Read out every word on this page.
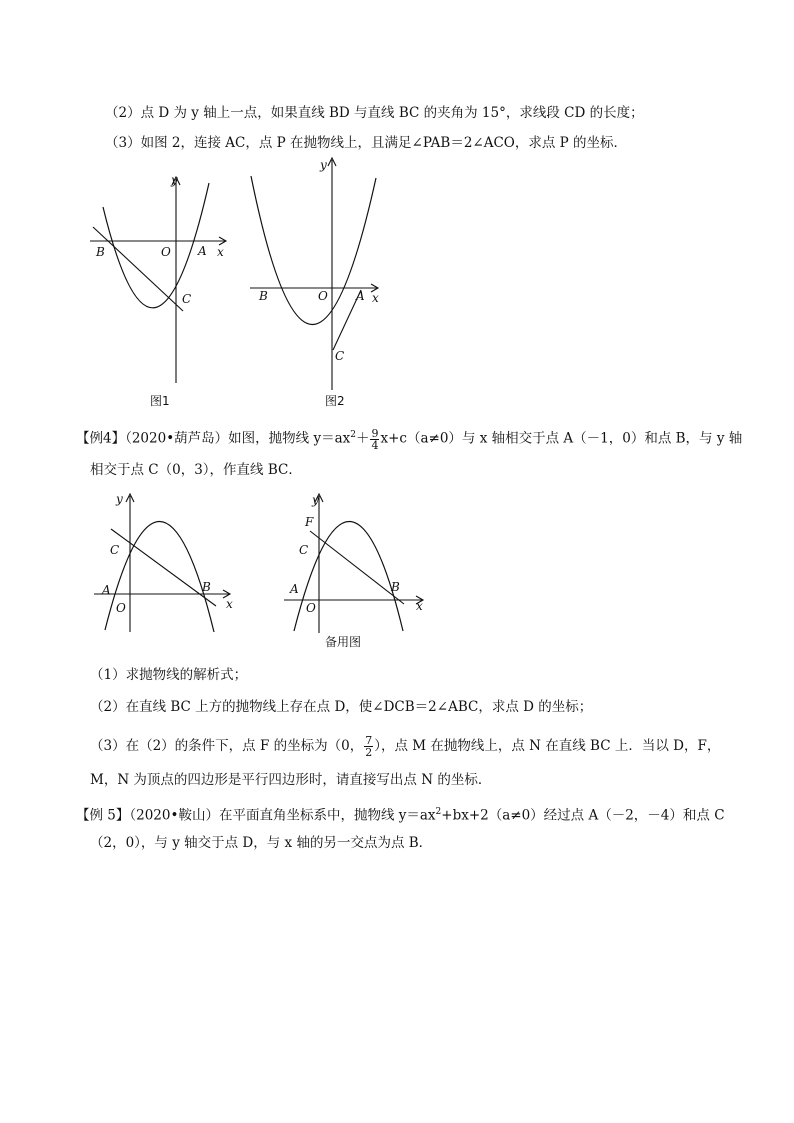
（2）点 D 为 y 轴上一点，如果直线 BD 与直线 BC 的夹角为 15°，求线段 CD 的长度；
（3）如图 2，连接 AC，点 P 在抛物线上，且满足∠PAB＝2∠ACO，求点 P 的坐标．
y
x
O A
B
C
图1
y
x
O A
B
C
图2
【例4】（2020•葫芦岛）如图，抛物线 $y=ax^2+ \frac{9}{4} x+c(a\ne 0)$与 x 轴相交于点 A（－1，0）和点 B，与 y 轴
相交于点 C（0，3），作直线 BC．
y
x
O
A	B
C
y
x
O
A	B
C
F
备用图
（1）求抛物线的解析式；
（2）在直线 BC 上方的抛物线上存在点 D，使∠DCB＝2∠ABC，求点 D 的坐标；
（3）在（2）的条件下，点 F 的坐标为（0， $\frac{7}{2}$ ），点 M 在抛物线上，点 N 在直线 BC 上．当以 D，F，
M，N 为顶点的四边形是平行四边形时，请直接写出点 N 的坐标．
【例 5】（2020•鞍山）在平面直角坐标系中，抛物线 $y=ax^2+bx+2(a\ne 0)$经过点 A（－2，－4）和点 C
（2，0），与 y 轴交于点 D，与 x 轴的另一交点为点 B．
